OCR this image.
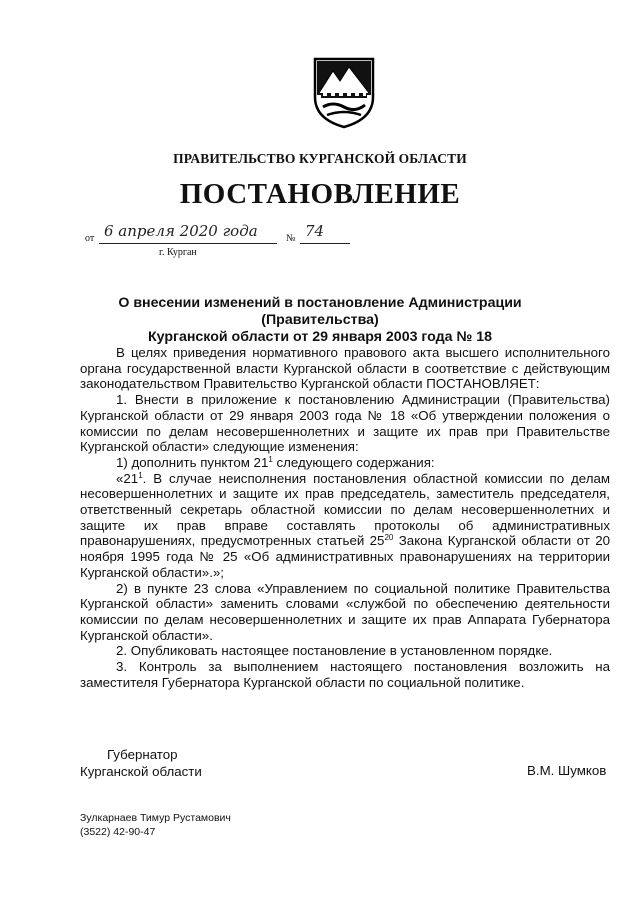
ПРАВИТЕЛЬСТВО КУРГАНСКОЙ ОБЛАСТИ
ПОСТАНОВЛЕНИЕ
от 6 апреля 2020 года	№ 74
г. Курган
О внесении изменений в постановление Администрации (Правительства)
Курганской области от 29 января 2003 года № 18

В целях приведения нормативного правового акта высшего исполнительного органа государственной власти Курганской области в соответствие с действующим законодательством Правительство Курганской области ПОСТАНОВЛЯЕТ:

1. Внести в приложение к постановлению Администрации (Правительства) Курганской области от 29 января 2003 года № 18 «Об утверждении положения о комиссии по делам несовершеннолетних и защите их прав при Правительстве Курганской области» следующие изменения:

1) дополнить пунктом $21^1$ следующего содержания:

«$21^1$. В случае неисполнения постановления областной комиссии по делам несовершеннолетних и защите их прав председатель, заместитель председателя, ответственный секретарь областной комиссии по делам несовершеннолетних и защите их прав вправе составлять протоколы об административных правонарушениях, предусмотренных статьей $25^{20}$ Закона Курганской области от 20 ноября 1995 года № 25 «Об административных правонарушениях на территории Курганской области».»;

2) в пункте 23 слова «Управлением по социальной политике Правительства Курганской области» заменить словами «службой по обеспечению деятельности комиссии по делам несовершеннолетних и защите их прав Аппарата Губернатора Курганской области».

2. Опубликовать настоящее постановление в установленном порядке.

3. Контроль за выполнением настоящего постановления возложить на заместителя Губернатора Курганской области по социальной политике.

Губернатор
Курганской области	В.М. Шумков
Зулкарнаев Тимур Рустамович
(3522) 42-90-47
